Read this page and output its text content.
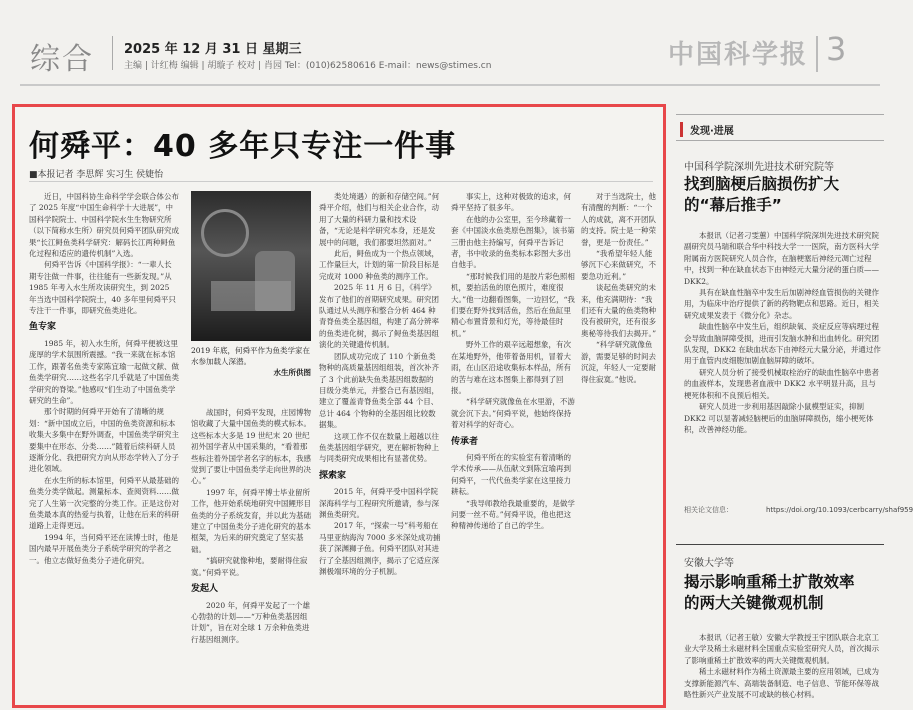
综合 2025 年 12 月 31 日 星期三
主编 | 计红梅 编辑 | 胡璇子 校对 | 肖园 Tel：(010)62580616 E-mail：news@stimes.cn	中国科学报 3
何舜平：40 多年只专注一件事
■本报记者 李思辉 实习生 侯婕怡

近日，中国科协生命科学学会联合体公布了 2025 年度“中国生命科学十大进展”，中国科学院院士、中国科学院水生生物研究所（以下简称水生所）研究员何舜平团队研究成果“长江鲟鱼类科学研究：解码长江两种鲟鱼化过程和适应的遗传机制”入选。

何舜平告诉《中国科学报》：“一辈人长期专注做一件事，往往能有一些新发现。”从 1985 年考入水生所攻读研究生，到 2025 年当选中国科学院院士，40 多年里何舜平只专注干一件事，即研究鱼类进化。

鱼专家

1985 年，初入水生所，何舜平便被这里庞厚的学术氛围所震撼。“我一来就在标本馆工作，跟著名鱼类专家陈宜瑜一起做文献、做鱼类学研究……这些名字几乎就是了中国鱼类学研究的脊梁。”他感叹“们生动了中国鱼类学研究的生命”。

那个时期的何舜平开始有了清晰的规划：“新中国成立后，中国的鱼类资源和标本收集大多集中在野外调查，中国鱼类学研究主要集中在形态、分类……”随着后续科研人员逐渐分化、我把研究方向从形态学转入了分子进化领域。

在水生所的标本馆里，何舜平从最基础的鱼类分类学做起。测量标本、查阅资料……做完了人生第一次完整的分类工作。正是这份对鱼类最本真的热爱与执着，让他在后来的科研道路上走得更远。

1994 年，当何舜平还在读博士时，他是国内最早开展鱼类分子系统学研究的学者之一。他立志做好鱼类分子进化研究。

2019 年底，何舜平作为鱼类学家在水参加载人深潜。
水生所供图

战国时，何舜平发现，庄园博物馆收藏了大量中国鱼类的模式标本。这些标本大多是 19 世纪末 20 世纪初外国学者从中国采集的，“看着那些标注着外国学者名字的标本，我感觉到了要让中国鱼类学走向世界的决心。”

1997 年，何舜平博士毕业留所工作，他开始系统地研究中国鲤形目鱼类的分子系统发育，并以此为基础建立了中国鱼类分子进化研究的基本框架，为后来的研究奠定了坚实基础。

“搞研究就像种地，要耐得住寂寞。”何舜平说。

发起人

2020 年，何舜平发起了一个雄心勃勃的计划——“万种鱼类基因组计划”，旨在对全球 1 万余种鱼类进行基因组测序。

类处境遇）的新和存储空间。”何舜平介绍，他们与相关企业合作，动用了大量的科研力量和技术设备，“无论是科学研究本身，还是发展中的问题，我们都要坦然面对。”

此后，鲟鱼成为一个热点领域，工作量巨大，计划的第一阶段目标是完成对 1000 种鱼类的测序工作。

2025 年 11 月 6 日，《科学》发布了他们的首期研究成果。研究团队通过从头测序和整合分析 464 种青脊鱼类全基因组，构建了高分辨率的鱼类进化树，揭示了鲟鱼类基因组演化的关键遗传机制。

团队成功完成了 110 个新鱼类物种的高质量基因组组装，首次补齐了 3 个此前缺失鱼类基因组数据的目级分类单元，并整合已有基因组，建立了覆盖青脊鱼类全部 44 个目、总计 464 个物种的全基因组比较数据集。

这项工作不仅在数量上超越以往鱼类基因组学研究，更在解析物种上与同类研究成果相比有显著优势。

探索家

2015 年，何舜平受中国科学院深海科学与工程研究所邀请，参与深渊鱼类研究。

2017 年，“探索一号”科考船在马里亚纳海沟 7000 多米深处成功捕获了深渊狮子鱼。何舜平团队对其进行了全基因组测序，揭示了它适应深渊极端环境的分子机制。

事实上，这种对极致的追求，何舜平坚持了很多年。

在他的办公室里，至今珍藏着一套《中国淡水鱼类原色图集》，该书第三册由他主持编写，何舜平告诉记者，书中收录的鱼类标本彩图大多出自他手。

“那时候我们用的是胶片彩色照相机，要拍活鱼的原色照片，难度很大。”他一边翻看图集，一边回忆，“我们要在野外找到活鱼，然后在鱼缸里精心布置背景和灯光，等待最佳时机。”

野外工作的艰辛远超想象，有次在某地野外，他带着备用机，冒着大雨，在山区沿途收集标本样品，所有的苦与难在这本图集上都得到了回报。

“科学研究就像鱼在水里游，不游就会沉下去。”何舜平说，他始终保持着对科学的好奇心。

传承者

何舜平所在的实验室有着清晰的学术传承——从伍献文到陈宜瑜再到何舜平，一代代鱼类学家在这里接力耕耘。

“我导师教给我最重要的，是做学问要一丝不苟。”何舜平说，他也把这种精神传递给了自己的学生。

对于当选院士，他有清醒的判断：“一个人的成就，离不开团队的支持。院士是一种荣誉，更是一份责任。”

“我希望年轻人能够沉下心来做研究，不要急功近利。”

谈起鱼类研究的未来，他充满期待：“我们还有大量的鱼类物种没有被研究，还有很多奥秘等待我们去揭开。”

“科学研究就像鱼游，需要足够的时间去沉淀，年轻人一定要耐得住寂寞。”他说。

发现·进展
中国科学院深圳先进技术研究院等
找到脑梗后脑损伤扩大
的“幕后推手”

本报讯（记者刁雯蕙）中国科学院深圳先进技术研究院副研究员马瑞和联合华中科技大学一一医院，南方医科大学附属南方医院研究人员合作，在脑梗塞后神经元凋亡过程中，找到一种在缺血状态下由神经元大量分泌的蛋白质——DKK2。

具有在缺血性脑卒中发生后加剧神经血管损伤的关键作用，为临床中治疗提供了新的药物靶点和思路。近日，相关研究成果发表于《微分化》杂志。

缺血性脑卒中发生后，组织缺氧、炎症反应等病理过程会导致血脑屏障受损，进而引发脑水肿和出血转化。研究团队发现，DKK2 在缺血状态下由神经元大量分泌，并通过作用于血管内皮细胞加剧血脑屏障的破坏。

研究人员分析了接受机械取栓治疗的缺血性脑卒中患者的血液样本，发现患者血液中 DKK2 水平明显升高，且与梗死体积和不良预后相关。

研究人员进一步利用基因敲除小鼠模型证实，抑制 DKK2 可以显著减轻脑梗后的血脑屏障损伤，缩小梗死体积，改善神经功能。

相关论文信息：	https://doi.org/10.1093/cerbcarry/shaf959
安徽大学等
揭示影响重稀土扩散效率
的两大关键微观机制

本报讯（记者王敏）安徽大学教授王宇团队联合北京工业大学及稀土永磁材料全国重点实验室研究人员，首次揭示了影响重稀土扩散效率的两大关键微观机制。

稀土永磁材料作为稀土资源最主要的应用领域，已成为支撑新能源汽车、高端装备制造、电子信息、节能环保等战略性新兴产业发展不可或缺的核心材料。
